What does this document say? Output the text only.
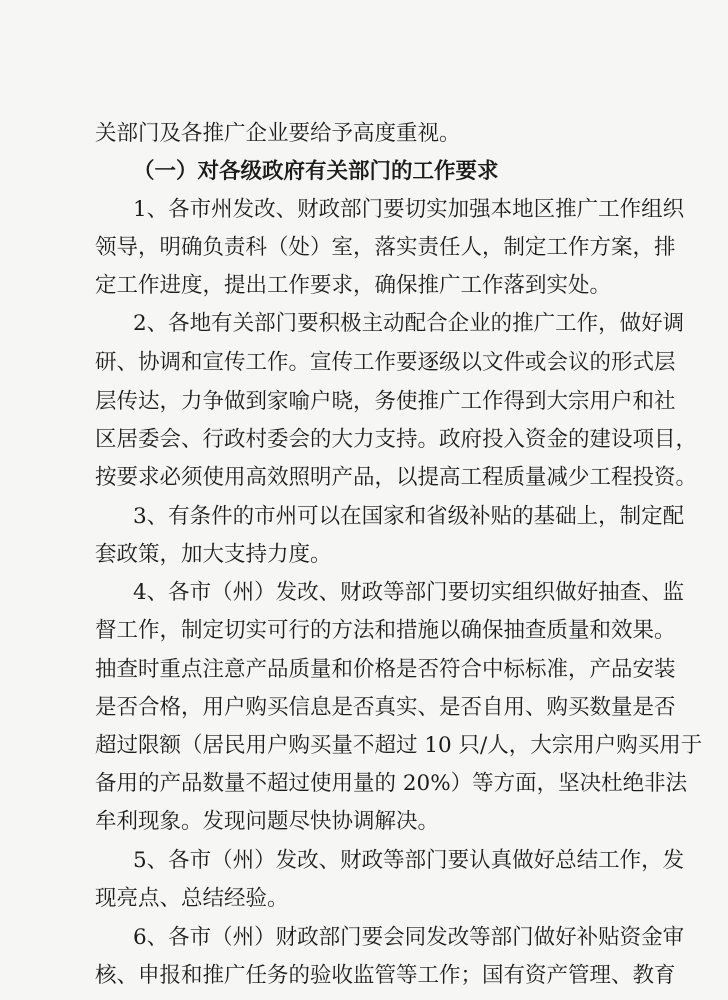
关部门及各推广企业要给予高度重视。
（一）对各级政府有关部门的工作要求
1、各市州发改、财政部门要切实加强本地区推广工作组织
领导，明确负责科（处）室，落实责任人，制定工作方案，排
定工作进度，提出工作要求，确保推广工作落到实处。
2、各地有关部门要积极主动配合企业的推广工作，做好调
研、协调和宣传工作。宣传工作要逐级以文件或会议的形式层
层传达，力争做到家喻户晓，务使推广工作得到大宗用户和社
区居委会、行政村委会的大力支持。政府投入资金的建设项目，
按要求必须使用高效照明产品，以提高工程质量减少工程投资。
3、有条件的市州可以在国家和省级补贴的基础上，制定配
套政策，加大支持力度。
4、各市（州）发改、财政等部门要切实组织做好抽查、监
督工作，制定切实可行的方法和措施以确保抽查质量和效果。
抽查时重点注意产品质量和价格是否符合中标标准，产品安装
是否合格，用户购买信息是否真实、是否自用、购买数量是否
超过限额（居民用户购买量不超过 10 只/人，大宗用户购买用于
备用的产品数量不超过使用量的 20%）等方面，坚决杜绝非法
牟利现象。发现问题尽快协调解决。
5、各市（州）发改、财政等部门要认真做好总结工作，发
现亮点、总结经验。
6、各市（州）财政部门要会同发改等部门做好补贴资金审
核、申报和推广任务的验收监管等工作；国有资产管理、教育
